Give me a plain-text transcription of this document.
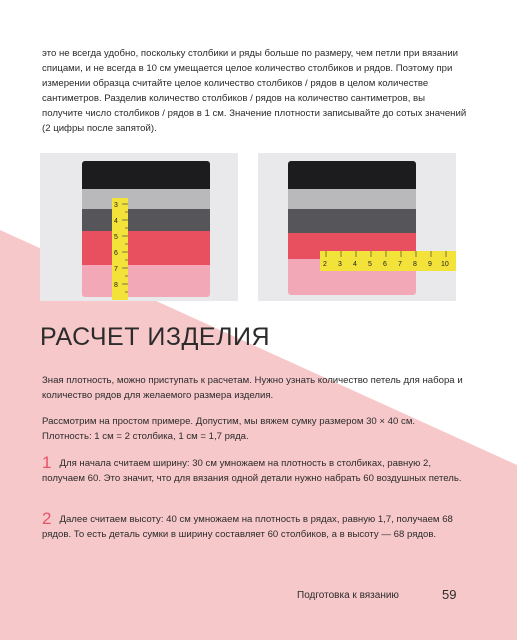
это не всегда удобно, поскольку столбики и ряды больше по размеру, чем петли при вязании спицами, и не всегда в 10 см умещается целое количество столбиков и рядов. Поэтому при измерении образца считайте целое количество столбиков / рядов в целом количестве сантиметров. Разделив количество столбиков / рядов на количество сантиметров, вы получите число столбиков / рядов в 1 см. Значение плотности записывайте до сотых значений (2 цифры после запятой).

3
4
5
6
7
8
2 3 4 5 6 7 8 9 10
РАСЧЕТ ИЗДЕЛИЯ

Зная плотность, можно приступать к расчетам. Нужно узнать количество петель для набора и количество рядов для желаемого размера изделия.

Рассмотрим на простом примере. Допустим, мы вяжем сумку размером 30 × 40 см. Плотность: 1 см = 2 столбика, 1 см = 1,7 ряда.

1 Для начала считаем ширину: 30 см умножаем на плотность в столбиках, равную 2, получаем 60. Это значит, что для вязания одной детали нужно набрать 60 воздушных петель.

2 Далее считаем высоту: 40 см умножаем на плотность в рядах, равную 1,7, получаем 68 рядов. То есть деталь сумки в ширину составляет 60 столбиков, а в высоту — 68 рядов.

Подготовка к вязанию	59
